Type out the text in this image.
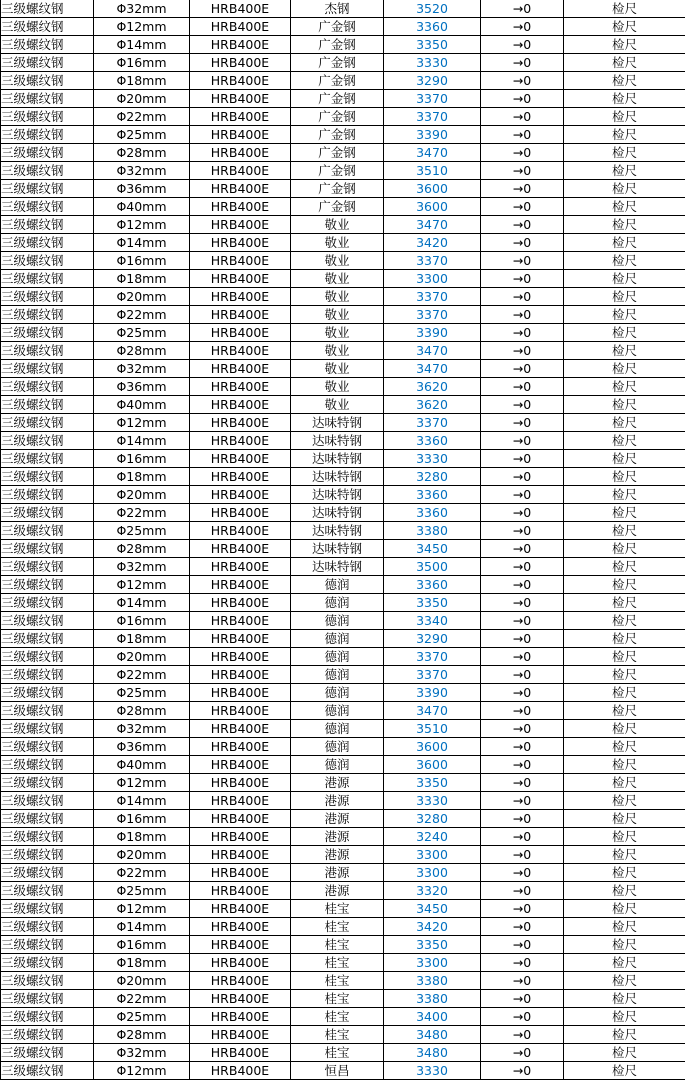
三级螺纹钢	Φ32mm	HRB400E	杰钢	3520	→0	检尺
三级螺纹钢	Φ12mm	HRB400E	广金钢	3360	→0	检尺
三级螺纹钢	Φ14mm	HRB400E	广金钢	3350	→0	检尺
三级螺纹钢	Φ16mm	HRB400E	广金钢	3330	→0	检尺
三级螺纹钢	Φ18mm	HRB400E	广金钢	3290	→0	检尺
三级螺纹钢	Φ20mm	HRB400E	广金钢	3370	→0	检尺
三级螺纹钢	Φ22mm	HRB400E	广金钢	3370	→0	检尺
三级螺纹钢	Φ25mm	HRB400E	广金钢	3390	→0	检尺
三级螺纹钢	Φ28mm	HRB400E	广金钢	3470	→0	检尺
三级螺纹钢	Φ32mm	HRB400E	广金钢	3510	→0	检尺
三级螺纹钢	Φ36mm	HRB400E	广金钢	3600	→0	检尺
三级螺纹钢	Φ40mm	HRB400E	广金钢	3600	→0	检尺
三级螺纹钢	Φ12mm	HRB400E	敬业	3470	→0	检尺
三级螺纹钢	Φ14mm	HRB400E	敬业	3420	→0	检尺
三级螺纹钢	Φ16mm	HRB400E	敬业	3370	→0	检尺
三级螺纹钢	Φ18mm	HRB400E	敬业	3300	→0	检尺
三级螺纹钢	Φ20mm	HRB400E	敬业	3370	→0	检尺
三级螺纹钢	Φ22mm	HRB400E	敬业	3370	→0	检尺
三级螺纹钢	Φ25mm	HRB400E	敬业	3390	→0	检尺
三级螺纹钢	Φ28mm	HRB400E	敬业	3470	→0	检尺
三级螺纹钢	Φ32mm	HRB400E	敬业	3470	→0	检尺
三级螺纹钢	Φ36mm	HRB400E	敬业	3620	→0	检尺
三级螺纹钢	Φ40mm	HRB400E	敬业	3620	→0	检尺
三级螺纹钢	Φ12mm	HRB400E	达味特钢	3370	→0	检尺
三级螺纹钢	Φ14mm	HRB400E	达味特钢	3360	→0	检尺
三级螺纹钢	Φ16mm	HRB400E	达味特钢	3330	→0	检尺
三级螺纹钢	Φ18mm	HRB400E	达味特钢	3280	→0	检尺
三级螺纹钢	Φ20mm	HRB400E	达味特钢	3360	→0	检尺
三级螺纹钢	Φ22mm	HRB400E	达味特钢	3360	→0	检尺
三级螺纹钢	Φ25mm	HRB400E	达味特钢	3380	→0	检尺
三级螺纹钢	Φ28mm	HRB400E	达味特钢	3450	→0	检尺
三级螺纹钢	Φ32mm	HRB400E	达味特钢	3500	→0	检尺
三级螺纹钢	Φ12mm	HRB400E	德润	3360	→0	检尺
三级螺纹钢	Φ14mm	HRB400E	德润	3350	→0	检尺
三级螺纹钢	Φ16mm	HRB400E	德润	3340	→0	检尺
三级螺纹钢	Φ18mm	HRB400E	德润	3290	→0	检尺
三级螺纹钢	Φ20mm	HRB400E	德润	3370	→0	检尺
三级螺纹钢	Φ22mm	HRB400E	德润	3370	→0	检尺
三级螺纹钢	Φ25mm	HRB400E	德润	3390	→0	检尺
三级螺纹钢	Φ28mm	HRB400E	德润	3470	→0	检尺
三级螺纹钢	Φ32mm	HRB400E	德润	3510	→0	检尺
三级螺纹钢	Φ36mm	HRB400E	德润	3600	→0	检尺
三级螺纹钢	Φ40mm	HRB400E	德润	3600	→0	检尺
三级螺纹钢	Φ12mm	HRB400E	港源	3350	→0	检尺
三级螺纹钢	Φ14mm	HRB400E	港源	3330	→0	检尺
三级螺纹钢	Φ16mm	HRB400E	港源	3280	→0	检尺
三级螺纹钢	Φ18mm	HRB400E	港源	3240	→0	检尺
三级螺纹钢	Φ20mm	HRB400E	港源	3300	→0	检尺
三级螺纹钢	Φ22mm	HRB400E	港源	3300	→0	检尺
三级螺纹钢	Φ25mm	HRB400E	港源	3320	→0	检尺
三级螺纹钢	Φ12mm	HRB400E	桂宝	3450	→0	检尺
三级螺纹钢	Φ14mm	HRB400E	桂宝	3420	→0	检尺
三级螺纹钢	Φ16mm	HRB400E	桂宝	3350	→0	检尺
三级螺纹钢	Φ18mm	HRB400E	桂宝	3300	→0	检尺
三级螺纹钢	Φ20mm	HRB400E	桂宝	3380	→0	检尺
三级螺纹钢	Φ22mm	HRB400E	桂宝	3380	→0	检尺
三级螺纹钢	Φ25mm	HRB400E	桂宝	3400	→0	检尺
三级螺纹钢	Φ28mm	HRB400E	桂宝	3480	→0	检尺
三级螺纹钢	Φ32mm	HRB400E	桂宝	3480	→0	检尺
三级螺纹钢	Φ12mm	HRB400E	恒昌	3330	→0	检尺
